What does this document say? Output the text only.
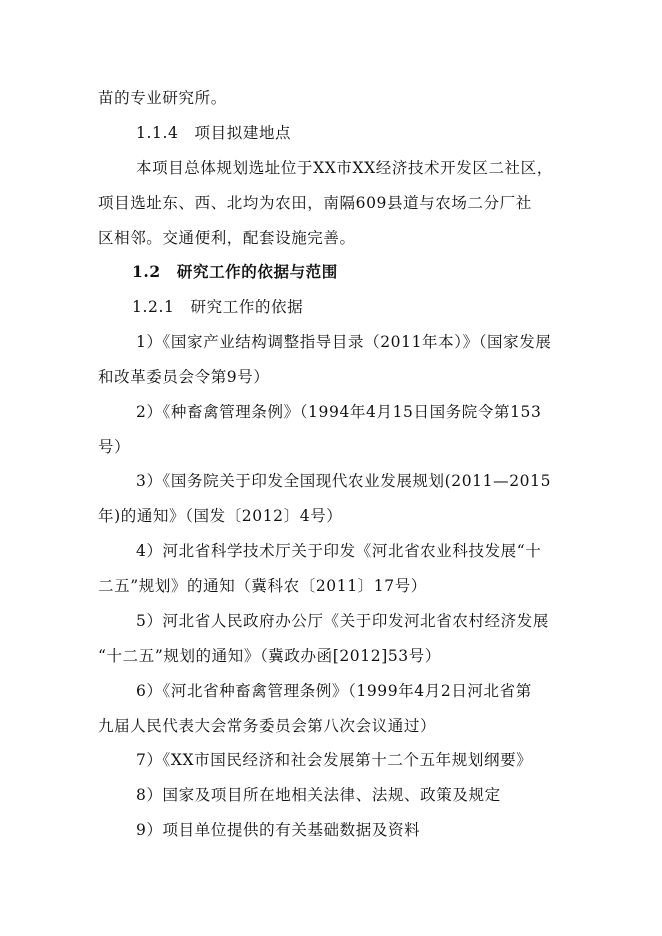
苗的专业研究所。
1.1.4　项目拟建地点
本项目总体规划选址位于XX市XX经济技术开发区二社区，
项目选址东、西、北均为农田，南隔609县道与农场二分厂社
区相邻。交通便利，配套设施完善。
1.2　研究工作的依据与范围
1.2.1　研究工作的依据
1）《国家产业结构调整指导目录（2011年本）》（国家发展
和改革委员会令第9号）
2）《种畜禽管理条例》（1994年4月15日国务院令第153
号）
3）《国务院关于印发全国现代农业发展规划(2011—2015
年)的通知》（国发〔2012〕4号）
4）河北省科学技术厅关于印发《河北省农业科技发展“十
二五”规划》的通知（冀科农〔2011〕17号）
5）河北省人民政府办公厅《关于印发河北省农村经济发展
“十二五”规划的通知》（冀政办函[2012]53号）
6）《河北省种畜禽管理条例》（1999年4月2日河北省第
九届人民代表大会常务委员会第八次会议通过）
7）《XX市国民经济和社会发展第十二个五年规划纲要》
8）国家及项目所在地相关法律、法规、政策及规定
9）项目单位提供的有关基础数据及资料
